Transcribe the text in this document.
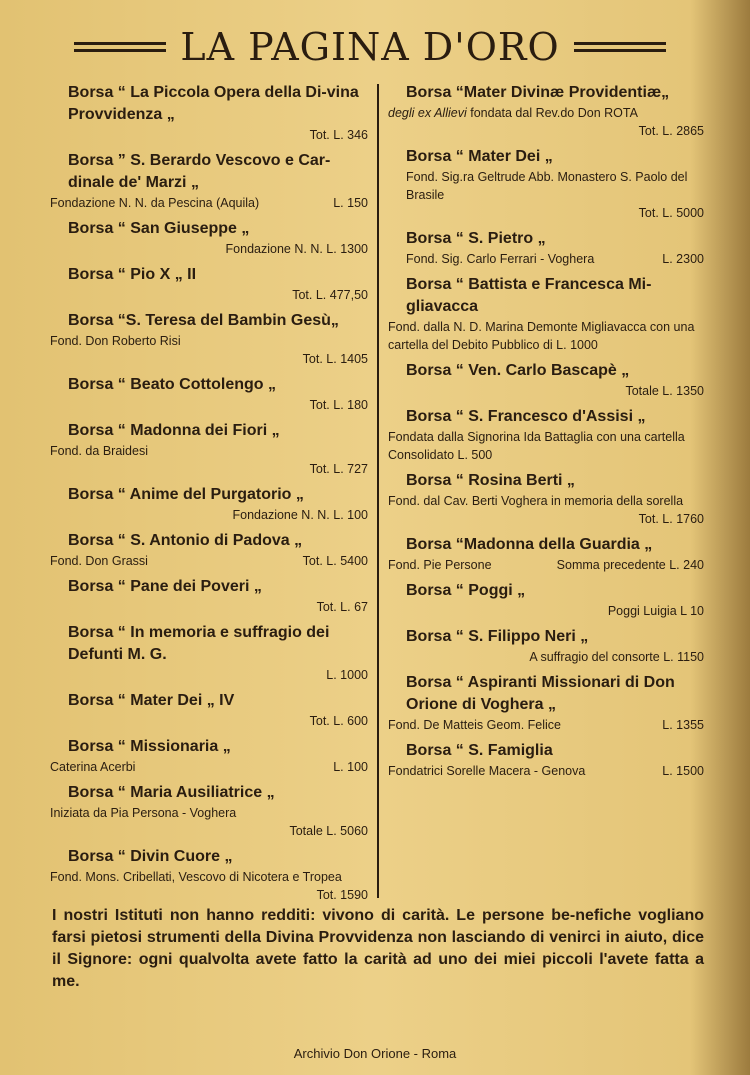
LA PAGINA D'ORO
Borsa “ La Piccola Opera della Di-vina Provvidenza „
Tot. L. 346
Borsa ” S. Berardo Vescovo e Car-dinale de' Marzi „
Fondazione N. N. da Pescina (Aquila)	L. 150
Borsa “ San Giuseppe „
Fondazione N. N. L. 1300
Borsa “ Pio X „ II
Tot. L. 477,50
Borsa “S. Teresa del Bambin Gesù„
Fond. Don Roberto Risi
Tot. L. 1405
Borsa “ Beato Cottolengo „
Tot. L. 180
Borsa “ Madonna dei Fiori „
Fond. da Braidesi
Tot. L. 727
Borsa “ Anime del Purgatorio „
Fondazione N. N. L. 100
Borsa “ S. Antonio di Padova „
Fond. Don Grassi	Tot. L. 5400
Borsa “ Pane dei Poveri „
Tot. L. 67
Borsa “ In memoria e suffragio dei Defunti M. G.
L. 1000
Borsa “ Mater Dei „ IV
Tot. L. 600
Borsa “ Missionaria „
Caterina Acerbi	L. 100
Borsa “ Maria Ausiliatrice „
Iniziata da Pia Persona - Voghera
Totale L. 5060
Borsa “ Divin Cuore „
Fond. Mons. Cribellati, Vescovo di Nicotera e Tropea
Tot. 1590
Borsa “Mater Divinæ Providentiæ„
degli ex Allievi fondata dal Rev.do Don ROTA
Tot. L. 2865
Borsa “ Mater Dei „
Fond. Sig.ra Geltrude Abb. Monastero S. Paolo del Brasile
Tot. L. 5000
Borsa “ S. Pietro „
Fond. Sig. Carlo Ferrari - Voghera	L. 2300
Borsa “ Battista e Francesca Mi-gliavacca
Fond. dalla N. D. Marina Demonte Migliavacca con una cartella del Debito Pubblico di L. 1000
Borsa “ Ven. Carlo Bascapè „
Totale L. 1350
Borsa “ S. Francesco d'Assisi „
Fondata dalla Signorina Ida Battaglia con una cartella Consolidato L. 500
Borsa “ Rosina Berti „
Fond. dal Cav. Berti Voghera in memoria della sorella
Tot. L. 1760
Borsa “Madonna della Guardia „
Fond. Pie Persone	Somma precedente L. 240
Borsa “ Poggi „
Poggi Luigia L 10
Borsa “ S. Filippo Neri „
A suffragio del consorte L. 1150
Borsa “ Aspiranti Missionari di Don Orione di Voghera „
Fond. De Matteis Geom. Felice	L. 1355
Borsa “ S. Famiglia
Fondatrici Sorelle Macera - Genova	L. 1500
I nostri Istituti non hanno redditi: vivono di carità. Le persone be-nefiche vogliano farsi pietosi strumenti della Divina Provvidenza non lasciando di venirci in aiuto, dice il Signore: ogni qualvolta avete fatto la carità ad uno dei miei piccoli l'avete fatta a me.
Archivio Don Orione - Roma
